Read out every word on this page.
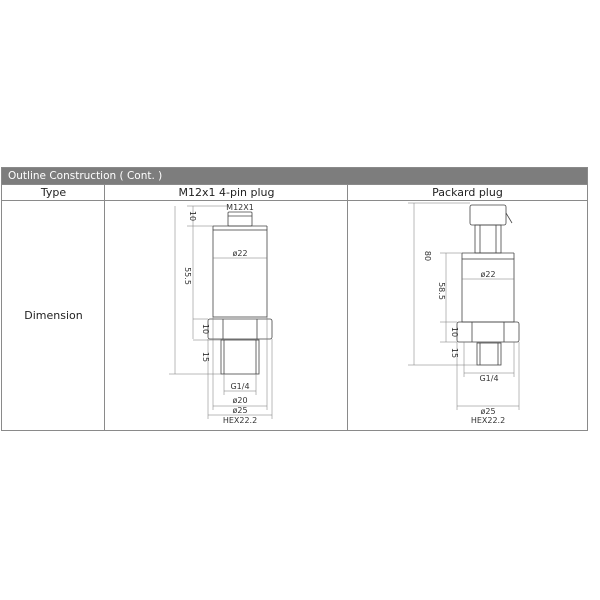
Outline Construction ( Cont. )
Type	M12x1 4-pin plug	Packard plug
Dimension
M12X1
10
55.5
10
15
ø22
G1/4
ø20
ø25
HEX22.2
80
58.5
10
15
ø22
G1/4
ø25
HEX22.2
